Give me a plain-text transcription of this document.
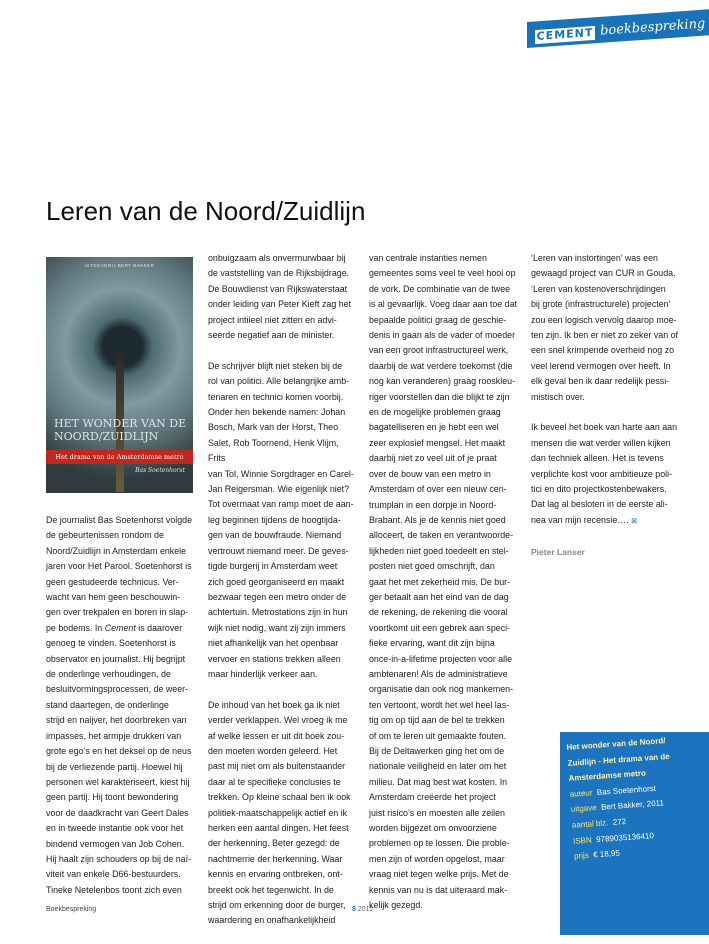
CEMENT boekbespreking
Leren van de Noord/Zuidlijn
UITGEVERIJ BERT BAKKER
HET WONDER VAN DE
NOORD/ZUIDLIJN
Het drama van de Amsterdamse metro
Bas Soetenhorst
De journalist Bas Soetenhorst volgde
de gebeurtenissen rondom de
Noord/Zuidlijn in Amsterdam enkele
jaren voor Het Parool. Soetenhorst is
geen gestudeerde technicus. Ver-
wacht van hem geen beschouwin-
gen over trekpalen en boren in slap-
pe bodems. In Cement is daarover
genoeg te vinden. Soetenhorst is
observator en journalist. Hij begrijpt
de onderlinge verhoudingen, de
besluitvormingsprocessen, de weer-
stand daartegen, de onderlinge
strijd en naijver, het doorbreken van
impasses, het armpje drukken van
grote ego’s en het deksel op de neus
bij de verliezende partij. Hoewel hij
personen wel karakteriseert, kiest hij
geen partij. Hij toont bewondering
voor de daadkracht van Geert Dales
en in tweede instantie ook voor het
bindend vermogen van Job Cohen.
Hij haalt zijn schouders op bij de naï-
viteit van enkele D66-bestuurders.
Tineke Netelenbos toont zich even

onbuigzaam als onvermurwbaar bij
de vaststelling van de Rijksbijdrage.
De Bouwdienst van Rijkswaterstaat
onder leiding van Peter Kieft zag het
project intiieel niet zitten en advi-
seerde negatief aan de minister.

De schrijver blijft niet steken bij de
rol van politici. Alle belangrijke amb-
tenaren en technici komen voorbij.
Onder hen bekende namen: Johan
Bosch, Mark van der Horst, Theo
Salet, Rob Toornend, Henk Vlijm, Frits
van Tol, Winnie Sorgdrager en Carel-
Jan Reigersman. Wie eigenlijk niet?
Tot overmaat van ramp moet de aan-
leg beginnen tijdens de hoogtijda-
gen van de bouwfraude. Niemand
vertrouwt niemand meer. De geves-
tigde burgerij in Amsterdam weet
zich goed georganiseerd en maakt
bezwaar tegen een metro onder de
achtertuin. Metrostations zijn in hun
wijk niet nodig, want zij zijn immers
niet afhankelijk van het openbaar
vervoer en stations trekken alleen
maar hinderlijk verkeer aan.

De inhoud van het boek ga ik niet
verder verklappen. Wel vroeg ik me
af welke lessen er uit dit boek zou-
den moeten worden geleerd. Het
past mij niet om als buitenstaander
daar al te specifieke conclusies te
trekken. Op kleine schaal ben ik ook
politiek-maatschappelijk actief en ik
herken een aantal dingen. Het feest
der herkenning. Beter gezegd: de
nachtmerrie der herkenning. Waar
kennis en ervaring ontbreken, ont-
breekt ook het tegenwicht. In de
strijd om erkenning door de burger,
waardering en onafhankelijkheid

van centrale instanties nemen
gemeentes soms veel te veel hooi op
de vork. De combinatie van de twee
is al gevaarlijk. Voeg daar aan toe dat
bepaalde politici graag de geschie-
denis in gaan als de vader of moeder
van een groot infrastructureel werk,
daarbij de wat verdere toekomst (die
nog kan veranderen) graag rooskleu-
riger voorstellen dan die blijkt te zijn
en de mogelijke problemen graag
bagatelliseren en je hebt een wel
zeer explosief mengsel. Het maakt
daarbij niet zo veel uit of je praat
over de bouw van een metro in
Amsterdam of over een nieuw cen-
trumplan in een dorpje in Noord-
Brabant. Als je de kennis niet goed
alloceert, de taken en verantwoorde-
lijkheden niet goed toedeelt en stel-
posten niet goed omschrijft, dan
gaat het met zekerheid mis. De bur-
ger betaalt aan het eind van de dag
de rekening, de rekening die vooral
voortkomt uit een gebrek aan speci-
fieke ervaring, want dit zijn bijna
once-in-a-lifetime projecten voor alle
ambtenaren! Als de administratieve
organisatie dan ook nog mankemen-
ten vertoont, wordt het wel heel las-
tig om op tijd aan de bel te trekken
of om te leren uit gemaakte fouten.
Bij de Deltawerken ging het om de
nationale veiligheid en later om het
milieu. Dat mag best wat kosten. In
Amsterdam creëerde het project
juist risico’s en moesten alle zeilen
worden bijgezet om onvoorziene
problemen op te lossen. Die proble-
men zijn of worden opgelost, maar
vraag niet tegen welke prijs. Met de
kennis van nu is dat uiteraard mak-
kelijk gezegd.

‘Leren van instortingen’ was een
gewaagd project van CUR in Gouda.
‘Leren van kostenoverschrijdingen
bij grote (infrastructurele) projecten’
zou een logisch vervolg daarop moe-
ten zijn. Ik ben er niet zo zeker van of
een snel krimpende overheid nog zo
veel lerend vermogen over heeft. In
elk geval ben ik daar redelijk pessi-
mistisch over.

Ik beveel het boek van harte aan aan
mensen die wat verder willen kijken
dan techniek alleen. Het is tevens
verplichte kost voor ambitieuze poli-
tici en dito projectkostenbewakers.
Dat lag al besloten in de eerste ali-
nea van mijn recensie…. ⊠

Pieter Lanser
Het wonder van de Noord/
Zuidlijn - Het drama van de
Amsterdamse metro
auteur Bas Soetenhorst
uitgave Bert Bakker, 2011
aantal blz. 272
ISBN 9789035136410
prijs € 18,95
Boekbespreking	8 2011
